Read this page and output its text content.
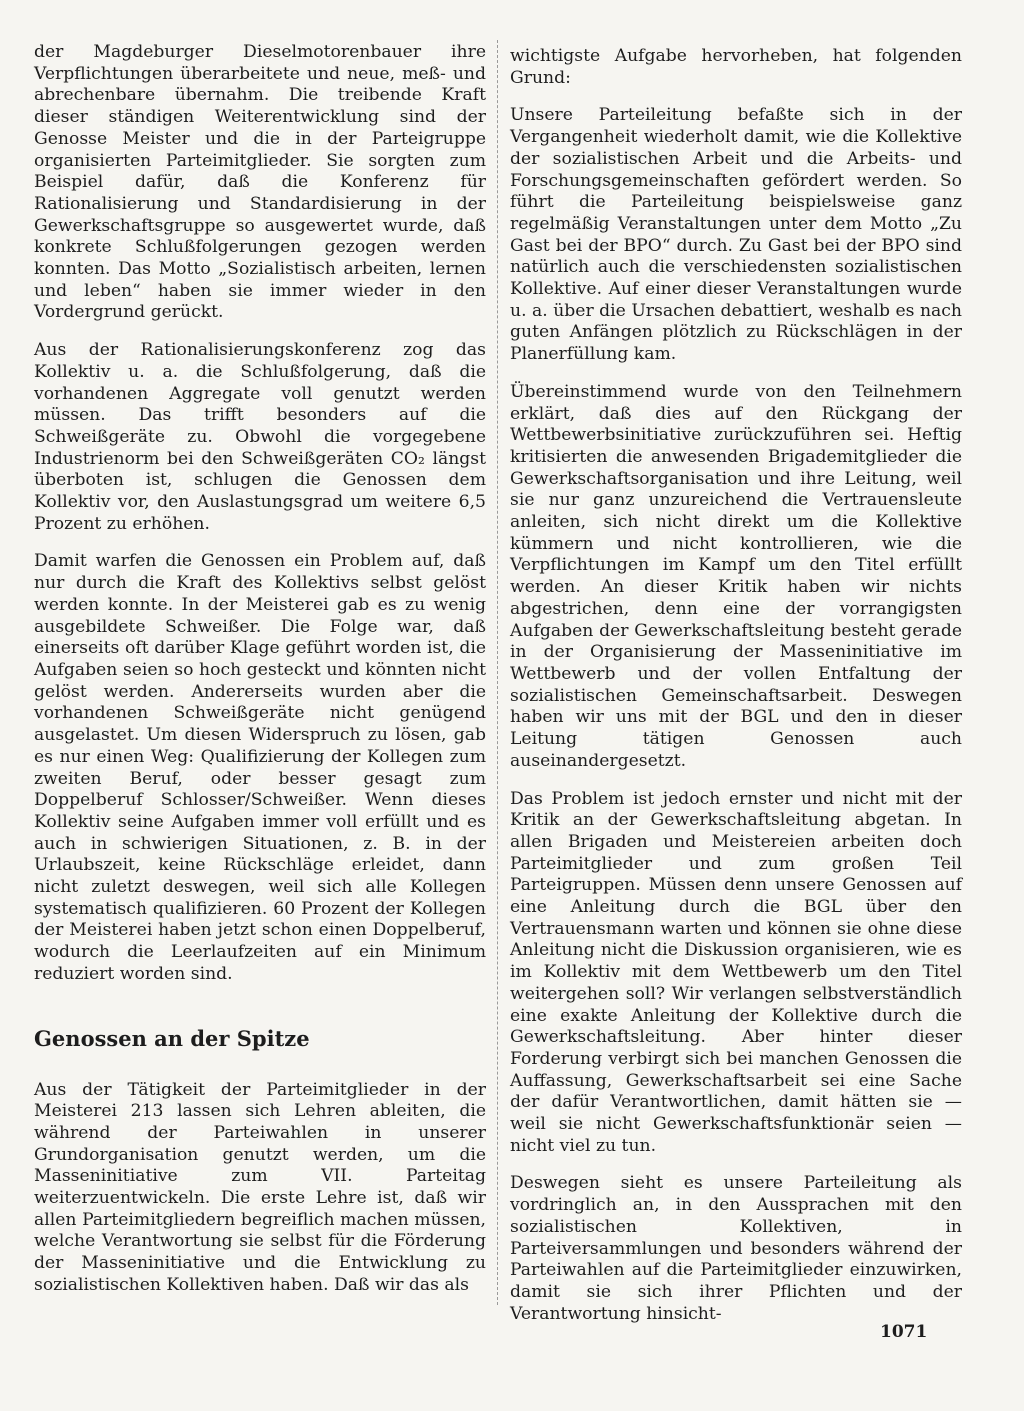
der Magdeburger Dieselmotorenbauer ihre Verpflichtungen überarbeitete und neue, meß- und abrechenbare übernahm. Die treibende Kraft dieser ständigen Weiterentwicklung sind der Genosse Meister und die in der Parteigruppe organisierten Parteimitglieder. Sie sorgten zum Beispiel dafür, daß die Konferenz für Rationalisierung und Standardisierung in der Gewerkschaftsgruppe so ausgewertet wurde, daß konkrete Schlußfolgerungen gezogen werden konnten. Das Motto „Sozialistisch arbeiten, lernen und leben“ haben sie immer wieder in den Vordergrund gerückt.

Aus der Rationalisierungskonferenz zog das Kollektiv u. a. die Schlußfolgerung, daß die vorhandenen Aggregate voll genutzt werden müssen. Das trifft besonders auf die Schweißgeräte zu. Obwohl die vorgegebene Industrienorm bei den Schweißgeräten CO₂ längst überboten ist, schlugen die Genossen dem Kollektiv vor, den Auslastungsgrad um weitere 6,5 Prozent zu erhöhen.

Damit warfen die Genossen ein Problem auf, daß nur durch die Kraft des Kollektivs selbst gelöst werden konnte. In der Meisterei gab es zu wenig ausgebildete Schweißer. Die Folge war, daß einerseits oft darüber Klage geführt worden ist, die Aufgaben seien so hoch gesteckt und könnten nicht gelöst werden. Andererseits wurden aber die vorhandenen Schweißgeräte nicht genügend ausgelastet. Um diesen Widerspruch zu lösen, gab es nur einen Weg: Qualifizierung der Kollegen zum zweiten Beruf, oder besser gesagt zum Doppelberuf Schlosser/Schweißer. Wenn dieses Kollektiv seine Aufgaben immer voll erfüllt und es auch in schwierigen Situationen, z. B. in der Urlaubszeit, keine Rückschläge erleidet, dann nicht zuletzt deswegen, weil sich alle Kollegen systematisch qualifizieren. 60 Prozent der Kollegen der Meisterei haben jetzt schon einen Doppelberuf, wodurch die Leerlaufzeiten auf ein Minimum reduziert worden sind.

Genossen an der Spitze

Aus der Tätigkeit der Parteimitglieder in der Meisterei 213 lassen sich Lehren ableiten, die während der Parteiwahlen in unserer Grundorganisation genutzt werden, um die Masseninitiative zum VII. Parteitag weiterzuentwickeln. Die erste Lehre ist, daß wir allen Parteimitgliedern begreiflich machen müssen, welche Verantwortung sie selbst für die Förderung der Masseninitiative und die Entwicklung zu sozialistischen Kollektiven haben. Daß wir das als

wichtigste Aufgabe hervorheben, hat folgenden Grund:

Unsere Parteileitung befaßte sich in der Vergangenheit wiederholt damit, wie die Kollektive der sozialistischen Arbeit und die Arbeits- und Forschungsgemeinschaften gefördert werden. So führt die Parteileitung beispielsweise ganz regelmäßig Veranstaltungen unter dem Motto „Zu Gast bei der BPO“ durch. Zu Gast bei der BPO sind natürlich auch die verschiedensten sozialistischen Kollektive. Auf einer dieser Veranstaltungen wurde u. a. über die Ursachen debattiert, weshalb es nach guten Anfängen plötzlich zu Rückschlägen in der Planerfüllung kam.

Übereinstimmend wurde von den Teilnehmern erklärt, daß dies auf den Rückgang der Wettbewerbsinitiative zurückzuführen sei. Heftig kritisierten die anwesenden Brigademitglieder die Gewerkschaftsorganisation und ihre Leitung, weil sie nur ganz unzureichend die Vertrauensleute anleiten, sich nicht direkt um die Kollektive kümmern und nicht kontrollieren, wie die Verpflichtungen im Kampf um den Titel erfüllt werden. An dieser Kritik haben wir nichts abgestrichen, denn eine der vorrangigsten Aufgaben der Gewerkschaftsleitung besteht gerade in der Organisierung der Masseninitiative im Wettbewerb und der vollen Entfaltung der sozialistischen Gemeinschaftsarbeit. Deswegen haben wir uns mit der BGL und den in dieser Leitung tätigen Genossen auch auseinandergesetzt.

Das Problem ist jedoch ernster und nicht mit der Kritik an der Gewerkschaftsleitung abgetan. In allen Brigaden und Meistereien arbeiten doch Parteimitglieder und zum großen Teil Parteigruppen. Müssen denn unsere Genossen auf eine Anleitung durch die BGL über den Vertrauensmann warten und können sie ohne diese Anleitung nicht die Diskussion organisieren, wie es im Kollektiv mit dem Wettbewerb um den Titel weitergehen soll? Wir verlangen selbstverständlich eine exakte Anleitung der Kollektive durch die Gewerkschaftsleitung. Aber hinter dieser Forderung verbirgt sich bei manchen Genossen die Auffassung, Gewerkschaftsarbeit sei eine Sache der dafür Verantwortlichen, damit hätten sie — weil sie nicht Gewerkschaftsfunktionär seien — nicht viel zu tun.

Deswegen sieht es unsere Parteileitung als vordringlich an, in den Aussprachen mit den sozialistischen Kollektiven, in Parteiversammlungen und besonders während der Parteiwahlen auf die Parteimitglieder einzuwirken, damit sie sich ihrer Pflichten und der Verantwortung hinsicht-

1071
